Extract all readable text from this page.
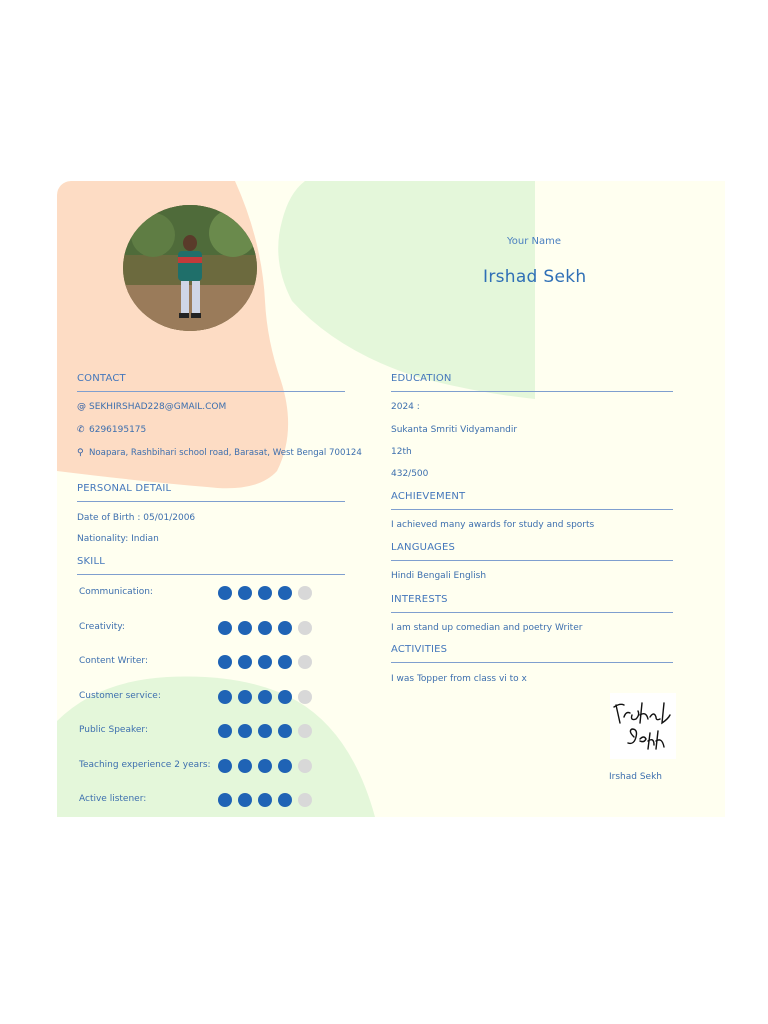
Your Name
Irshad Sekh
CONTACT
@ SEKHIRSHAD228@GMAIL.COM
✆ 6296195175
⚲ Noapara, Rashbihari school road, Barasat, West Bengal 700124
PERSONAL DETAIL
Date of Birth : 05/01/2006
Nationality: Indian
SKILL
Communication:
Creativity:
Content Writer:
Customer service:
Public Speaker:
Teaching experience 2 years:
Active listener:
EDUCATION
2024 :
Sukanta Smriti Vidyamandir
12th
432/500
ACHIEVEMENT
I achieved many awards for study and sports
LANGUAGES
Hindi Bengali English
INTERESTS
I am stand up comedian and poetry Writer
ACTIVITIES
I was Topper from class vi to x
Irshad Sekh
